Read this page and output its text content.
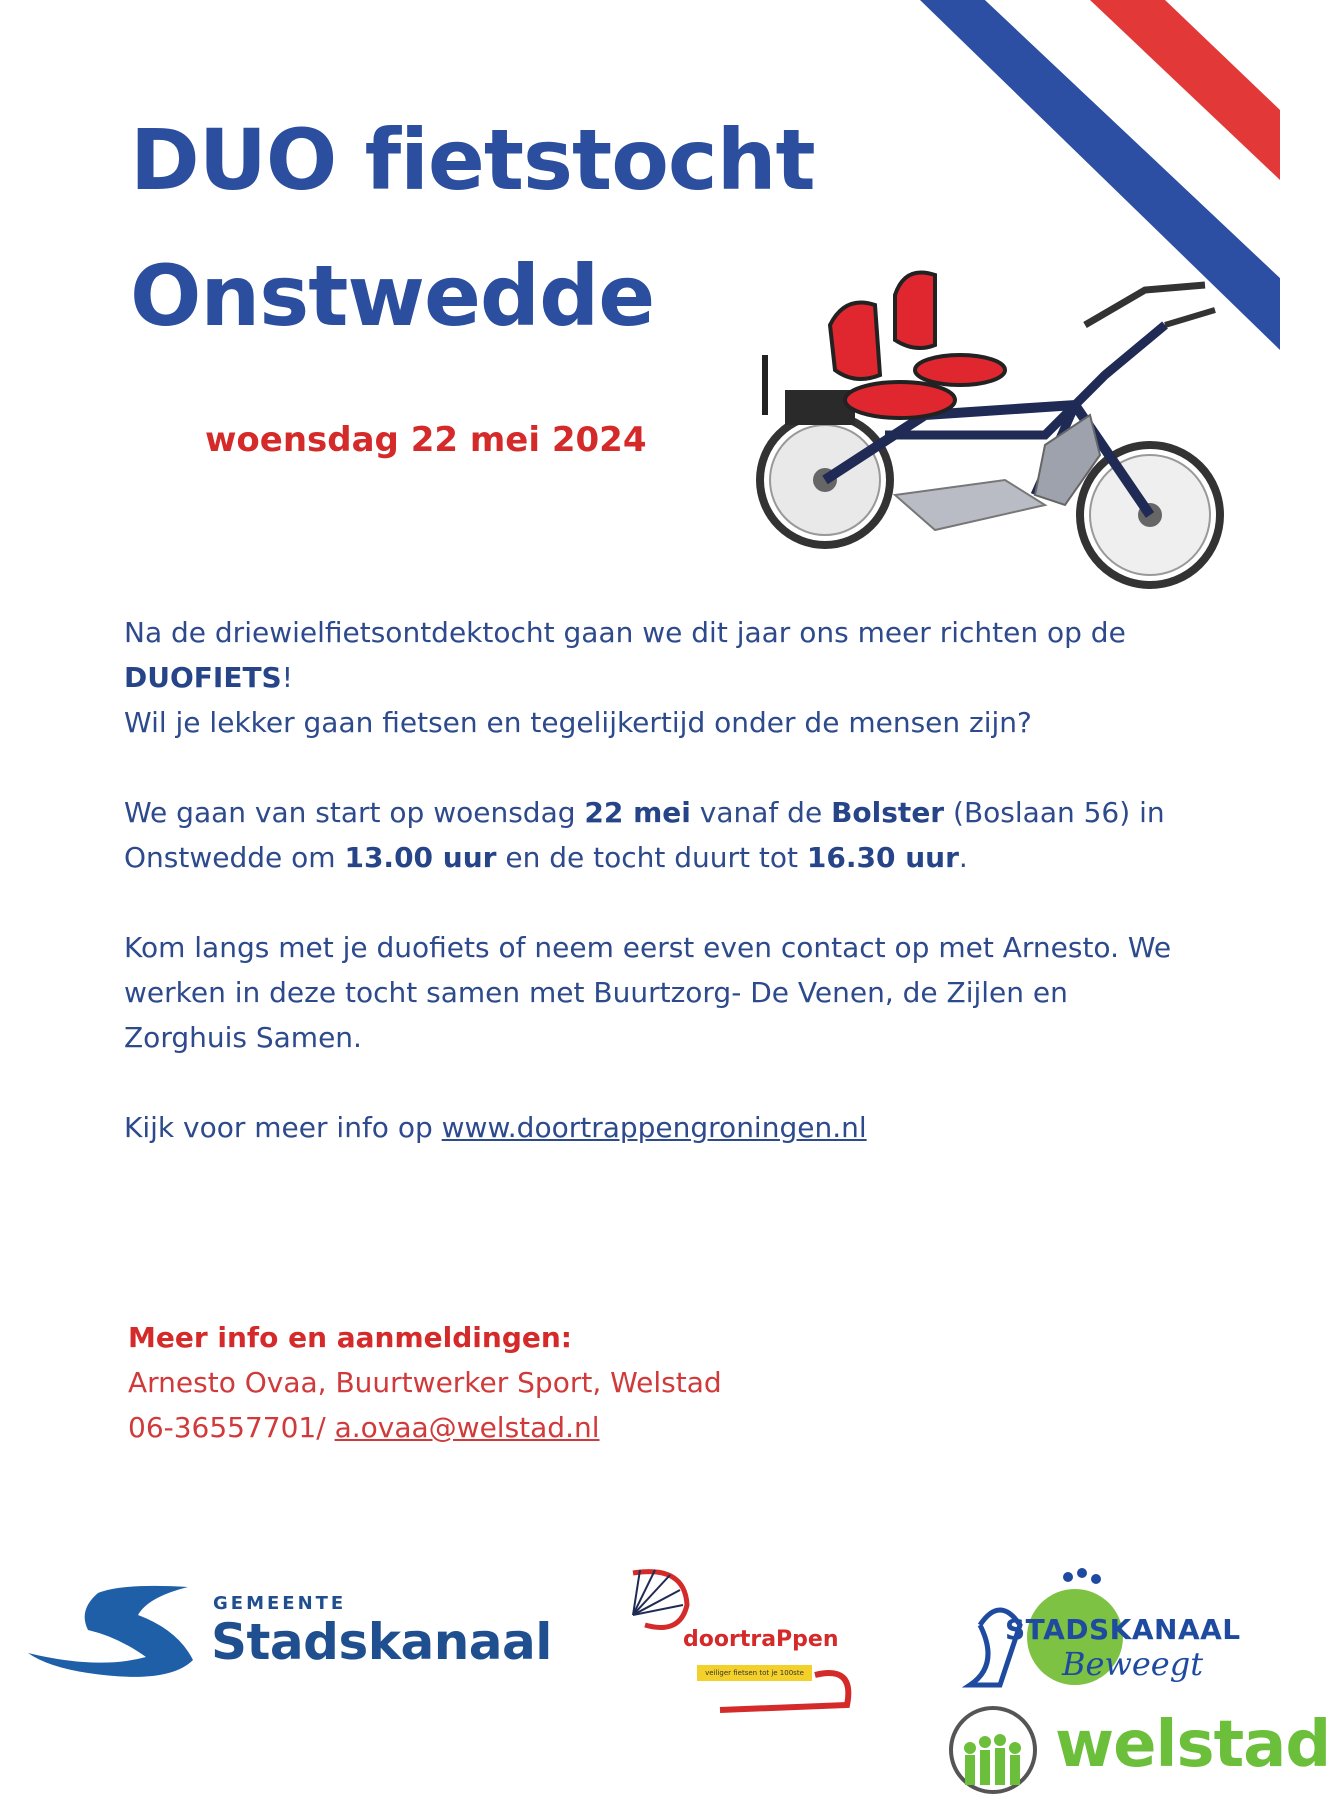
DUO fietstocht
Onstwedde
woensdag 22 mei 2024

Na de driewielfietsontdektocht gaan we dit jaar ons meer richten op de DUOFIETS!
Wil je lekker gaan fietsen en tegelijkertijd onder de mensen zijn?

We gaan van start op woensdag 22 mei vanaf de Bolster (Boslaan 56) in Onstwedde om 13.00 uur en de tocht duurt tot 16.30 uur.

Kom langs met je duofiets of neem eerst even contact op met Arnesto. We werken in deze tocht samen met Buurtzorg- De Venen, de Zijlen en Zorghuis Samen.

Kijk voor meer info op www.doortrappengroningen.nl

Meer info en aanmeldingen:
Arnesto Ovaa, Buurtwerker Sport, Welstad
06-36557701/ a.ovaa@welstad.nl
GEMEENTE
Stadskanaal	doortraPpen
veiliger fietsen tot je 100ste
STADSKANAAL
Beweegt
welstad
